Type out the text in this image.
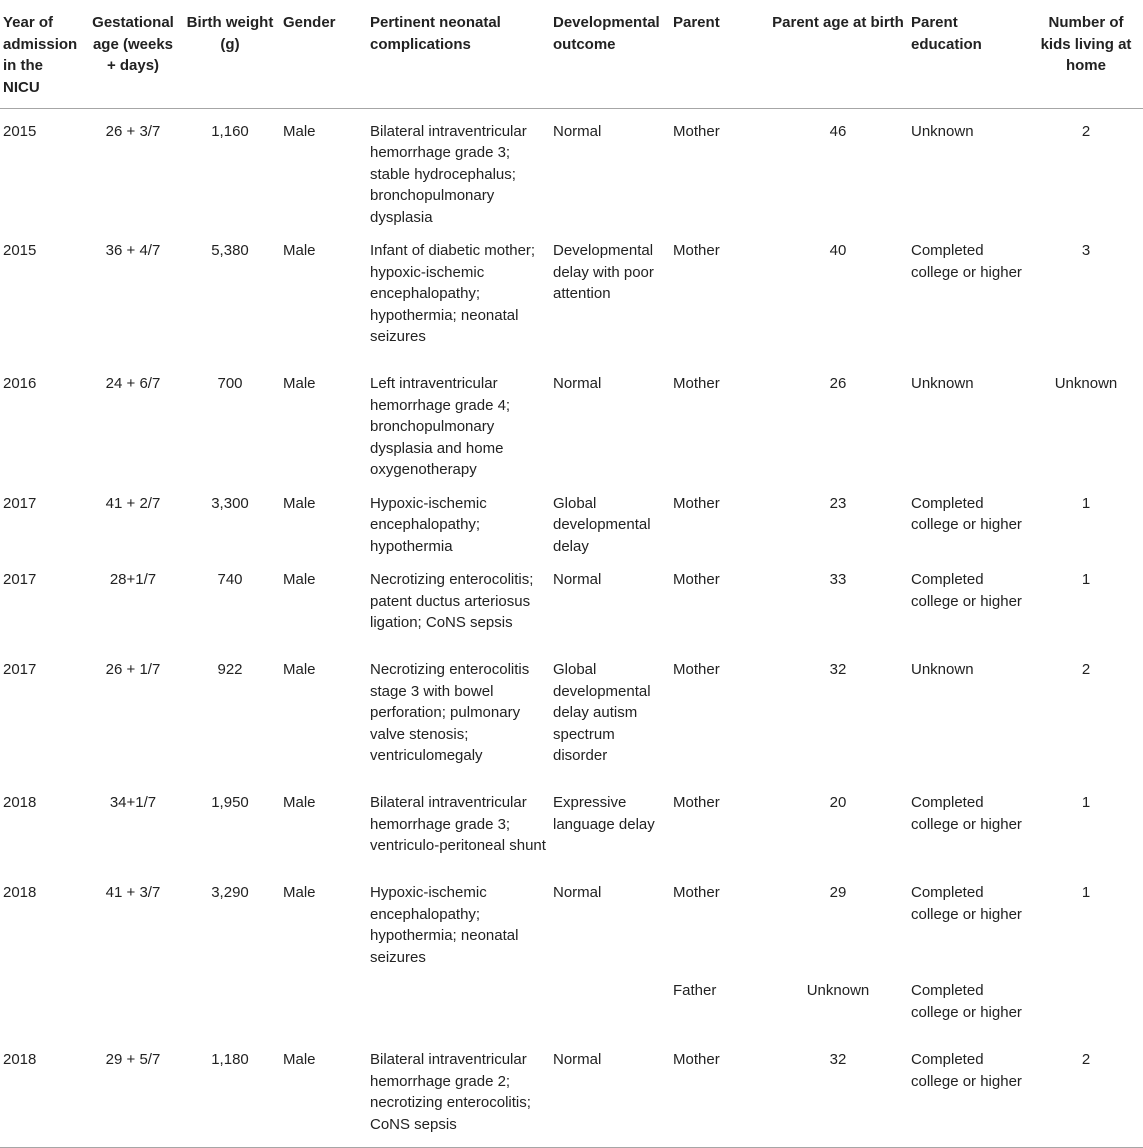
Year of admission in the NICU	Gestational age (weeks + days)	Birth weight (g)	Gender	Pertinent neonatal complications	Developmental outcome	Parent	Parent age at birth	Parent education	Number of kids living at home
2015	26 + 3/7	1,160	Male	Bilateral intraventricular hemorrhage grade 3; stable hydrocephalus; bronchopulmonary dysplasia	Normal	Mother	46	Unknown	2
2015	36 + 4/7	5,380	Male	Infant of diabetic mother; hypoxic-ischemic encephalopathy; hypothermia; neonatal seizures	Developmental delay with poor attention	Mother	40	Completed college or higher	3
2016	24 + 6/7	700	Male	Left intraventricular hemorrhage grade 4; bronchopulmonary dysplasia and home oxygenotherapy	Normal	Mother	26	Unknown	Unknown
2017	41 + 2/7	3,300	Male	Hypoxic-ischemic encephalopathy; hypothermia	Global developmental delay	Mother	23	Completed college or higher	1
2017	28+1/7	740	Male	Necrotizing enterocolitis; patent ductus arteriosus ligation; CoNS sepsis	Normal	Mother	33	Completed college or higher	1
2017	26 + 1/7	922	Male	Necrotizing enterocolitis stage 3 with bowel perforation; pulmonary valve stenosis; ventriculomegaly	Global developmental delay autism spectrum disorder	Mother	32	Unknown	2
2018	34+1/7	1,950	Male	Bilateral intraventricular hemorrhage grade 3; ventriculo-peritoneal shunt	Expressive language delay	Mother	20	Completed college or higher	1
2018	41 + 3/7	3,290	Male	Hypoxic-ischemic encephalopathy; hypothermia; neonatal seizures	Normal	Mother	29	Completed college or higher	1
						Father	Unknown	Completed college or higher	
2018	29 + 5/7	1,180	Male	Bilateral intraventricular hemorrhage grade 2; necrotizing enterocolitis; CoNS sepsis	Normal	Mother	32	Completed college or higher	2
